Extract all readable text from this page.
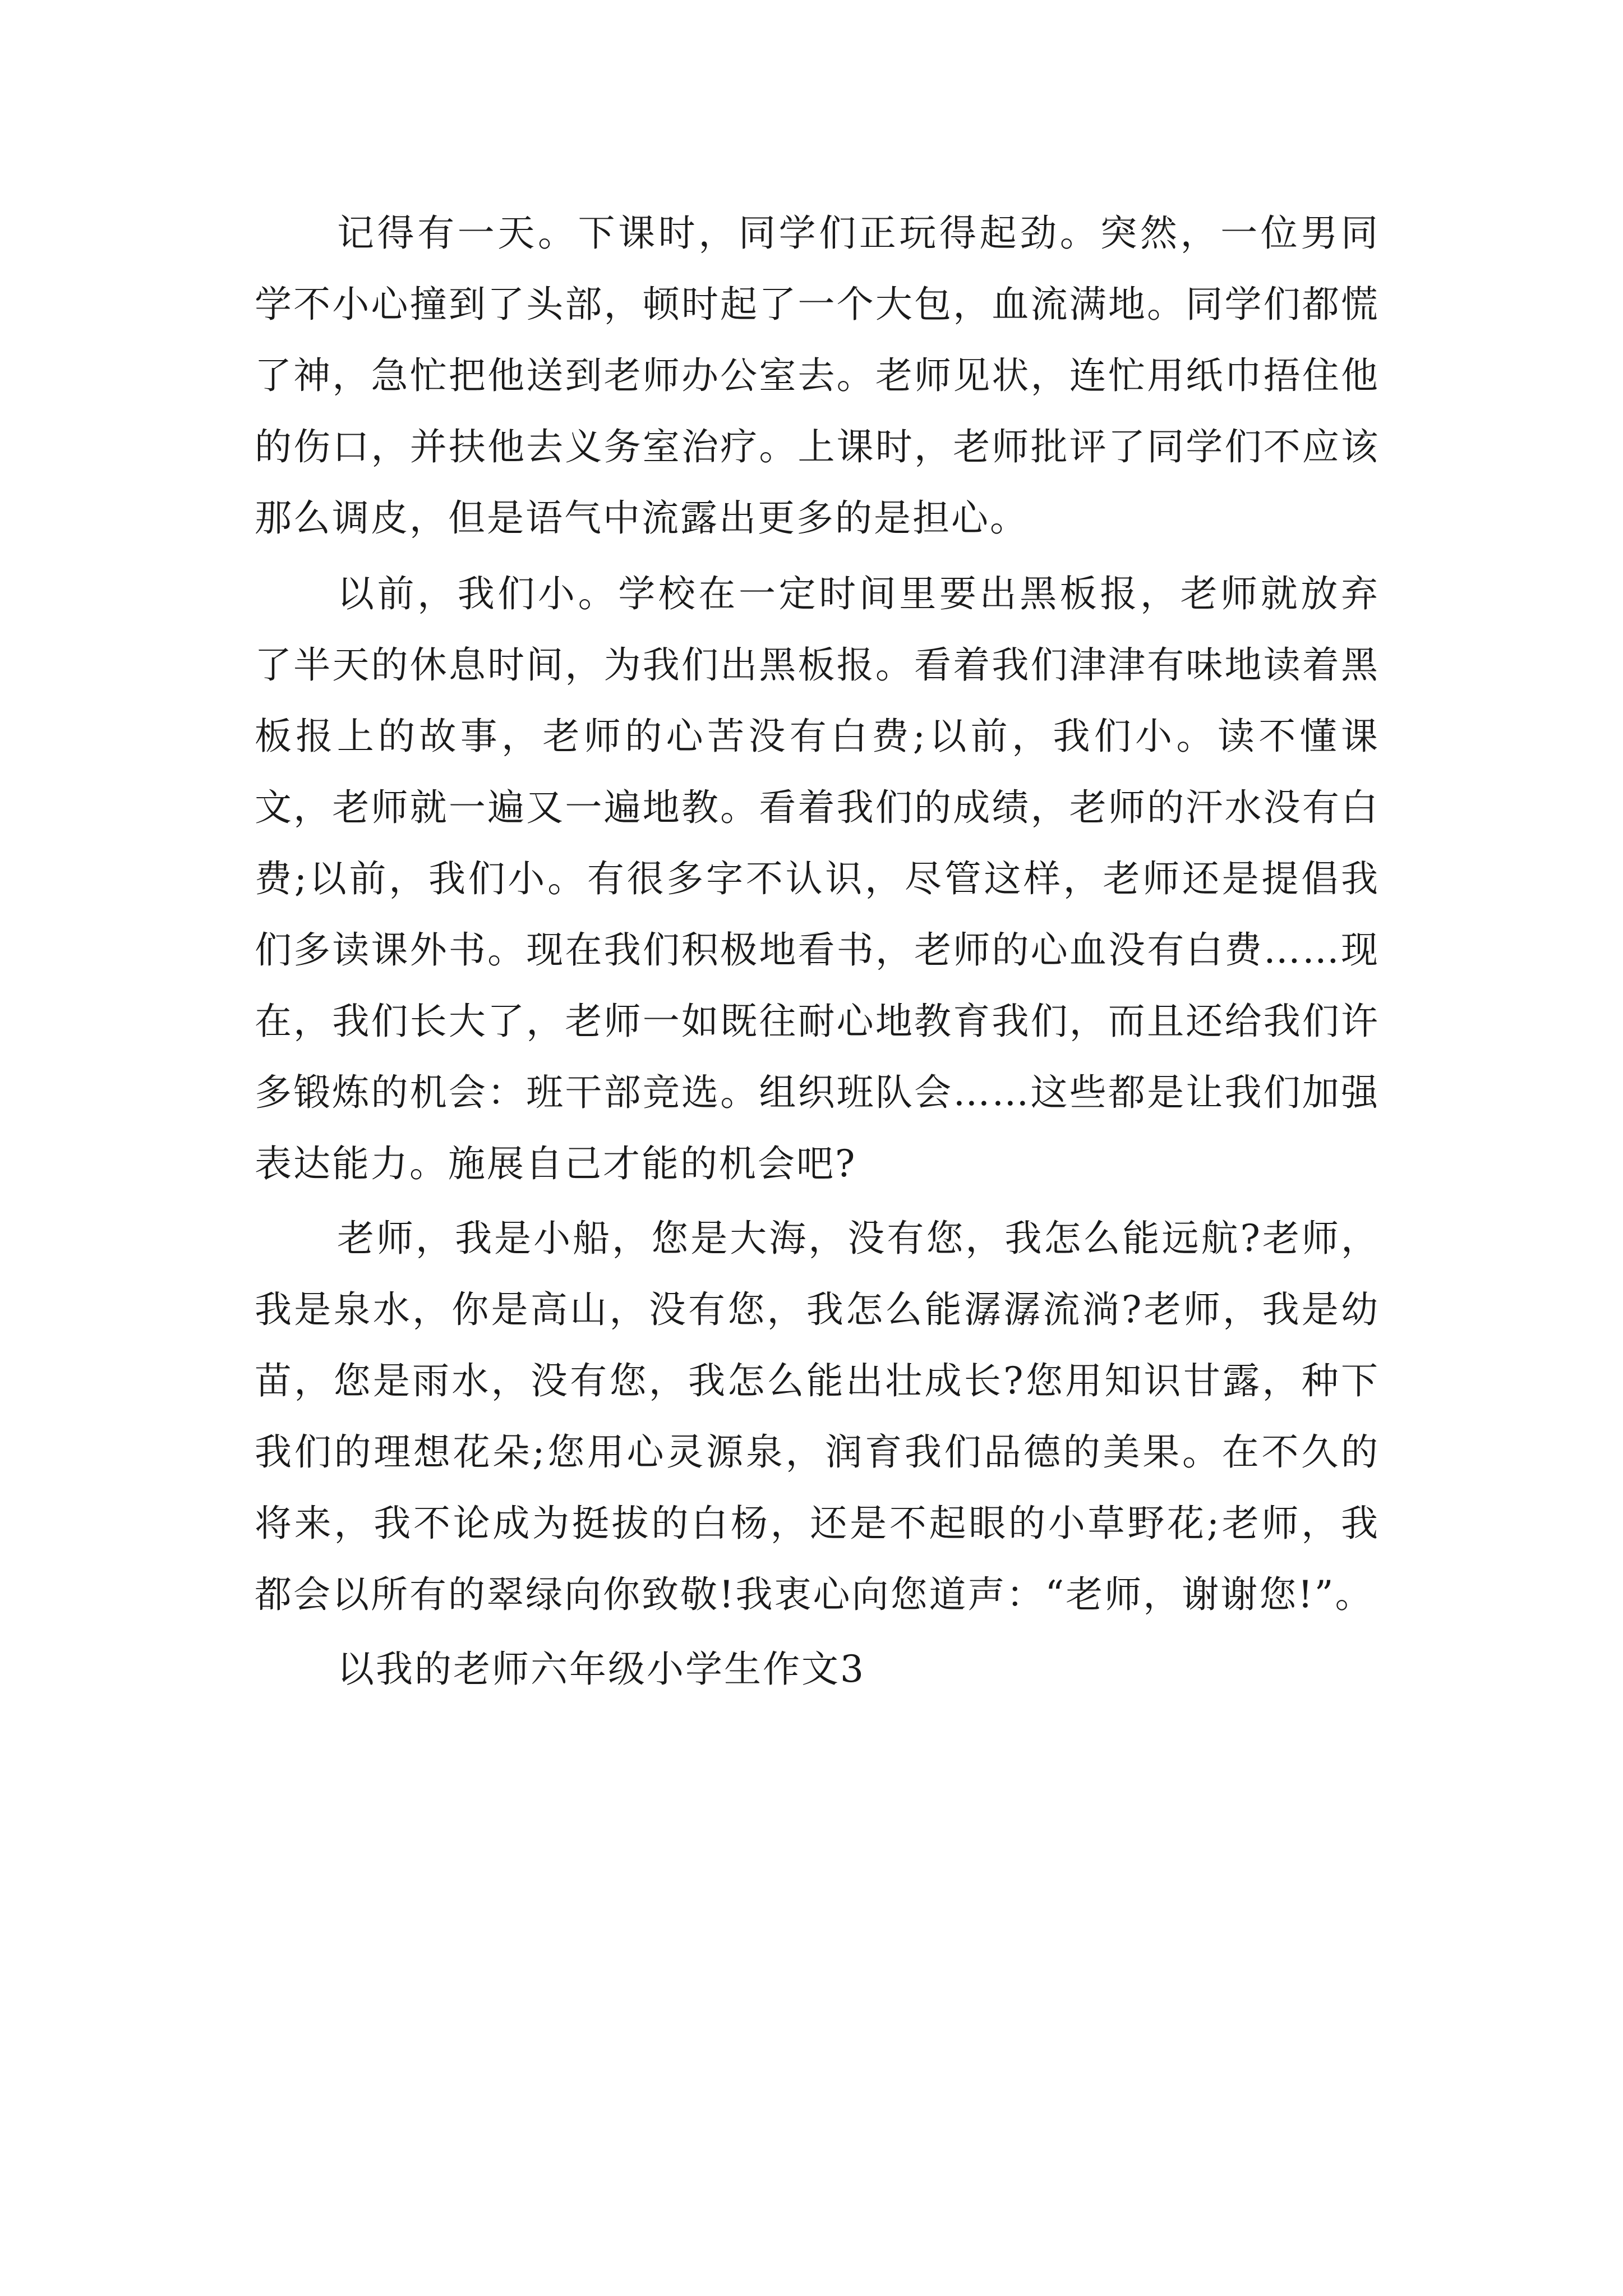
记得有一天。下课时，同学们正玩得起劲。突然，一位男同学不小心撞到了头部，顿时起了一个大包，血流满地。同学们都慌了神，急忙把他送到老师办公室去。老师见状，连忙用纸巾捂住他的伤口，并扶他去义务室治疗。上课时，老师批评了同学们不应该那么调皮，但是语气中流露出更多的是担心。

以前，我们小。学校在一定时间里要出黑板报，老师就放弃了半天的休息时间，为我们出黑板报。看着我们津津有味地读着黑板报上的故事，老师的心苦没有白费;以前，我们小。读不懂课文，老师就一遍又一遍地教。看着我们的成绩，老师的汗水没有白费;以前，我们小。有很多字不认识，尽管这样，老师还是提倡我们多读课外书。现在我们积极地看书，老师的心血没有白费……现在，我们长大了，老师一如既往耐心地教育我们，而且还给我们许多锻炼的机会：班干部竞选。组织班队会……这些都是让我们加强表达能力。施展自己才能的机会吧?

老师，我是小船，您是大海，没有您，我怎么能远航?老师，我是泉水，你是高山，没有您，我怎么能潺潺流淌?老师，我是幼苗，您是雨水，没有您，我怎么能出壮成长?您用知识甘露，种下我们的理想花朵;您用心灵源泉，润育我们品德的美果。在不久的将来，我不论成为挺拔的白杨，还是不起眼的小草野花;老师，我都会以所有的翠绿向你致敬!我衷心向您道声：“老师，谢谢您!”。

以我的老师六年级小学生作文3
